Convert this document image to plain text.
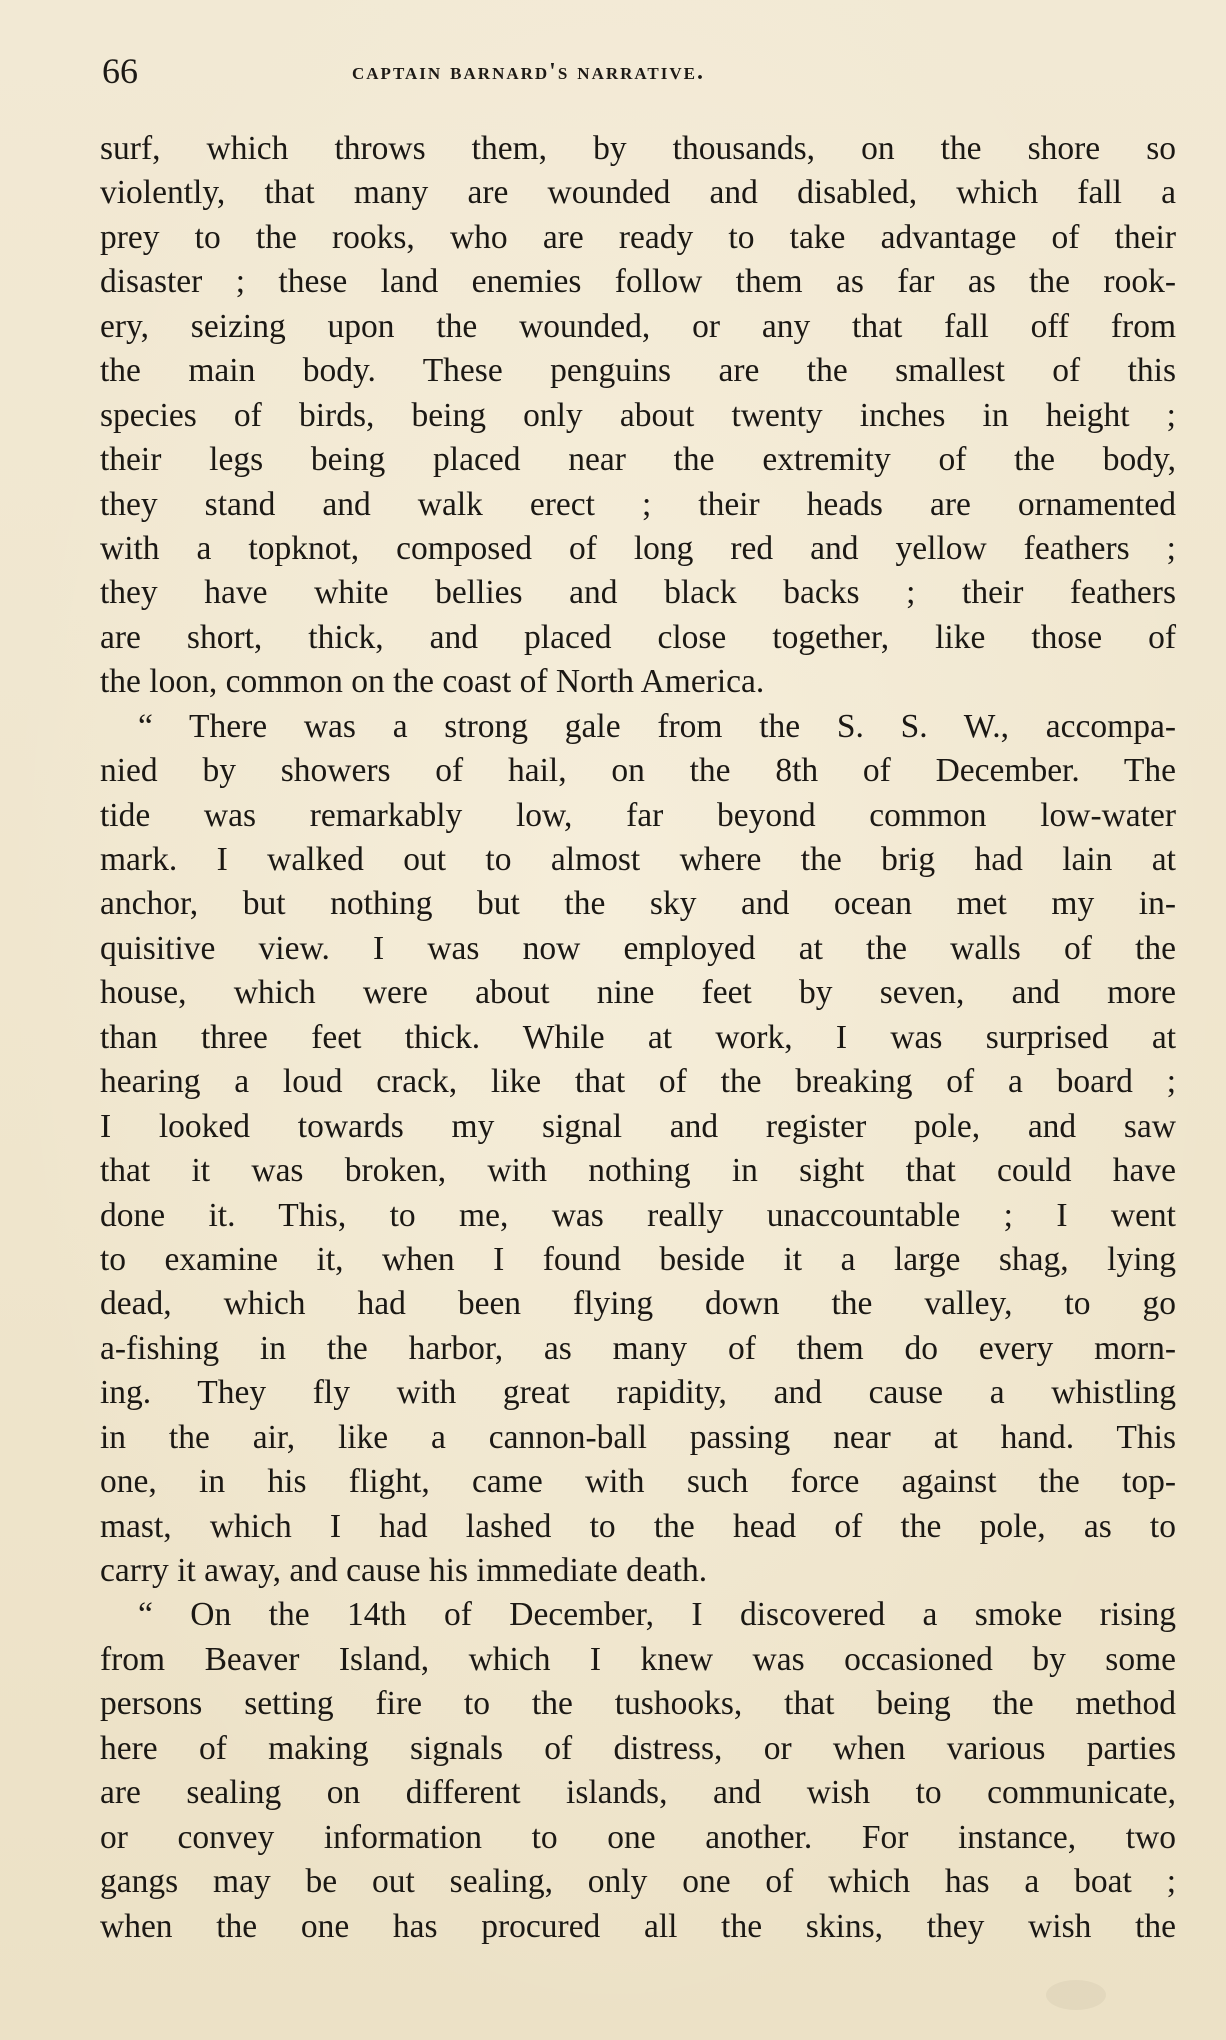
66	captain barnard's narrative.
surf, which throws them, by thousands, on the shore so
violently, that many are wounded and disabled, which fall a
prey to the rooks, who are ready to take advantage of their
disaster ; these land enemies follow them as far as the rook-
ery, seizing upon the wounded, or any that fall off from
the main body. These penguins are the smallest of this
species of birds, being only about twenty inches in height ;
their legs being placed near the extremity of the body,
they stand and walk erect ; their heads are ornamented
with a topknot, composed of long red and yellow feathers ;
they have white bellies and black backs ; their feathers
are short, thick, and placed close together, like those of
the loon, common on the coast of North America.
“ There was a strong gale from the S. S. W., accompa-
nied by showers of hail, on the 8th of December. The
tide was remarkably low, far beyond common low-water
mark. I walked out to almost where the brig had lain at
anchor, but nothing but the sky and ocean met my in-
quisitive view. I was now employed at the walls of the
house, which were about nine feet by seven, and more
than three feet thick. While at work, I was surprised at
hearing a loud crack, like that of the breaking of a board ;
I looked towards my signal and register pole, and saw
that it was broken, with nothing in sight that could have
done it. This, to me, was really unaccountable ; I went
to examine it, when I found beside it a large shag, lying
dead, which had been flying down the valley, to go
a-fishing in the harbor, as many of them do every morn-
ing. They fly with great rapidity, and cause a whistling
in the air, like a cannon-ball passing near at hand. This
one, in his flight, came with such force against the top-
mast, which I had lashed to the head of the pole, as to
carry it away, and cause his immediate death.
“ On the 14th of December, I discovered a smoke rising
from Beaver Island, which I knew was occasioned by some
persons setting fire to the tushooks, that being the method
here of making signals of distress, or when various parties
are sealing on different islands, and wish to communicate,
or convey information to one another. For instance, two
gangs may be out sealing, only one of which has a boat ;
when the one has procured all the skins, they wish the
